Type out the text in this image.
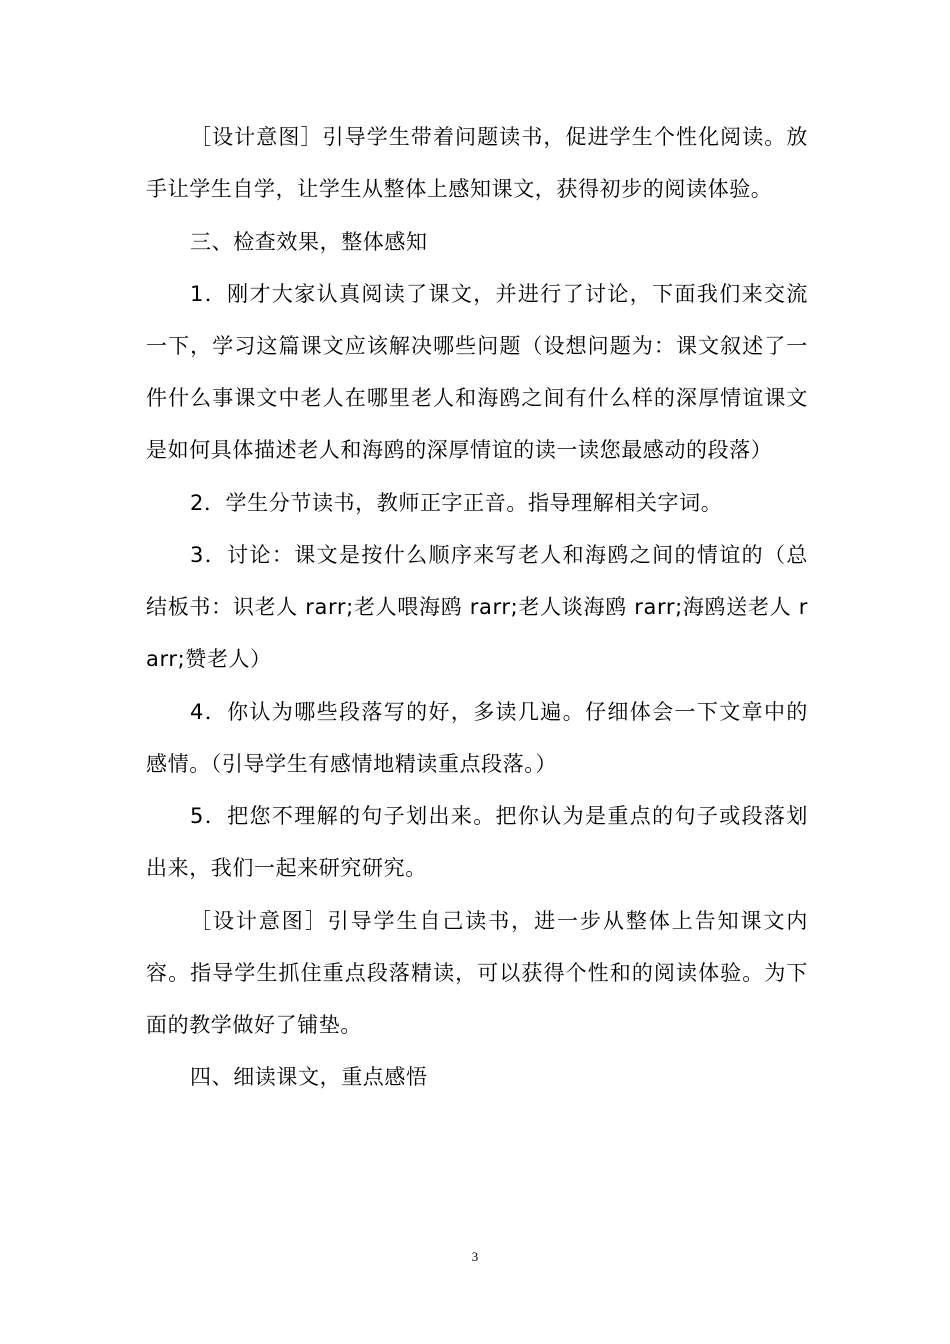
［设计意图］引导学生带着问题读书，促进学生个性化阅读。放手让学生自学，让学生从整体上感知课文，获得初步的阅读体验。

三、检查效果，整体感知

1．刚才大家认真阅读了课文，并进行了讨论，下面我们来交流一下，学习这篇课文应该解决哪些问题（设想问题为：课文叙述了一件什么事课文中老人在哪里老人和海鸥之间有什么样的深厚情谊课文是如何具体描述老人和海鸥的深厚情谊的读一读您最感动的段落）

2．学生分节读书，教师正字正音。指导理解相关字词。

3．讨论：课文是按什么顺序来写老人和海鸥之间的情谊的（总结板书：识老人 rarr;老人喂海鸥 rarr;老人谈海鸥 rarr;海鸥送老人 rarr;赞老人）

4．你认为哪些段落写的好，多读几遍。仔细体会一下文章中的感情。（引导学生有感情地精读重点段落。）

5．把您不理解的句子划出来。把你认为是重点的句子或段落划出来，我们一起来研究研究。

［设计意图］引导学生自己读书，进一步从整体上告知课文内容。指导学生抓住重点段落精读，可以获得个性和的阅读体验。为下面的教学做好了铺垫。

四、细读课文，重点感悟

3
